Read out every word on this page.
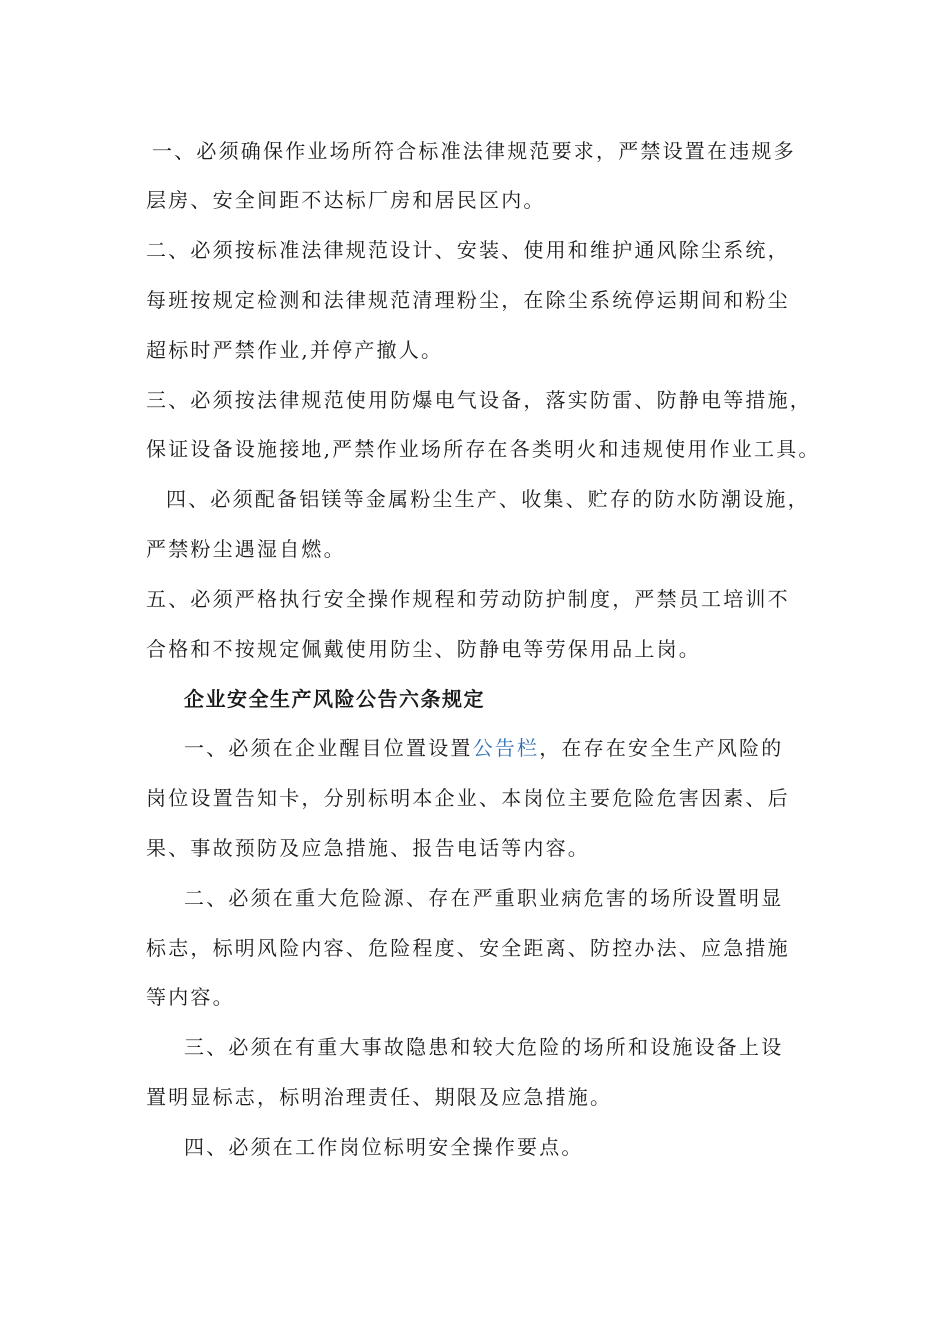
一、必须确保作业场所符合标准法律规范要求，严禁设置在违规多
层房、安全间距不达标厂房和居民区内。
二、必须按标准法律规范设计、安装、使用和维护通风除尘系统，
每班按规定检测和法律规范清理粉尘，在除尘系统停运期间和粉尘
超标时严禁作业,并停产撤人。
三、必须按法律规范使用防爆电气设备，落实防雷、防静电等措施，
保证设备设施接地,严禁作业场所存在各类明火和违规使用作业工具。
四、必须配备铝镁等金属粉尘生产、收集、贮存的防水防潮设施，
严禁粉尘遇湿自燃。
五、必须严格执行安全操作规程和劳动防护制度，严禁员工培训不
合格和不按规定佩戴使用防尘、防静电等劳保用品上岗。
企业安全生产风险公告六条规定
一、必须在企业醒目位置设置公告栏，在存在安全生产风险的
岗位设置告知卡，分别标明本企业、本岗位主要危险危害因素、后
果、事故预防及应急措施、报告电话等内容。
二、必须在重大危险源、存在严重职业病危害的场所设置明显
标志，标明风险内容、危险程度、安全距离、防控办法、应急措施
等内容。
三、必须在有重大事故隐患和较大危险的场所和设施设备上设
置明显标志，标明治理责任、期限及应急措施。
四、必须在工作岗位标明安全操作要点。
